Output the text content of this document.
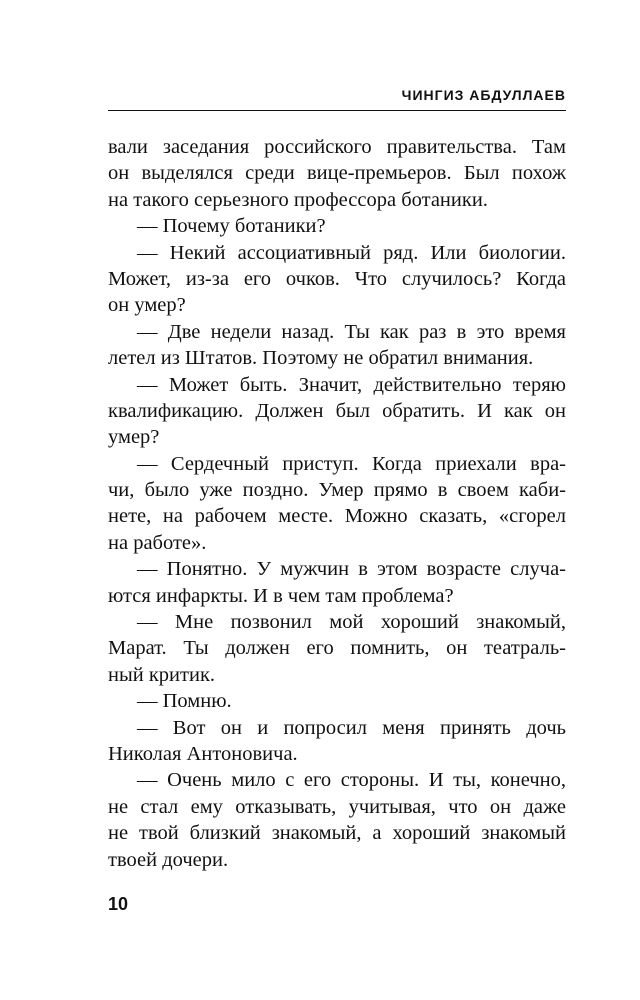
ЧИНГИЗ АБДУЛЛАЕВ
вали заседания российского правительства. Там
он выделялся среди вице-премьеров. Был похож
на такого серьезного профессора ботаники.
— Почему ботаники?
— Некий ассоциативный ряд. Или биологии.
Может, из-за его очков. Что случилось? Когда
он умер?
— Две недели назад. Ты как раз в это время
летел из Штатов. Поэтому не обратил внимания.
— Может быть. Значит, действительно теряю
квалификацию. Должен был обратить. И как он
умер?
— Сердечный приступ. Когда приехали вра-
чи, было уже поздно. Умер прямо в своем каби-
нете, на рабочем месте. Можно сказать, «сгорел
на работе».
— Понятно. У мужчин в этом возрасте случа-
ются инфаркты. И в чем там проблема?
— Мне позвонил мой хороший знакомый,
Марат. Ты должен его помнить, он театраль-
ный критик.
— Помню.
— Вот он и попросил меня принять дочь
Николая Антоновича.
— Очень мило с его стороны. И ты, конечно,
не стал ему отказывать, учитывая, что он даже
не твой близкий знакомый, а хороший знакомый
твоей дочери.
10
